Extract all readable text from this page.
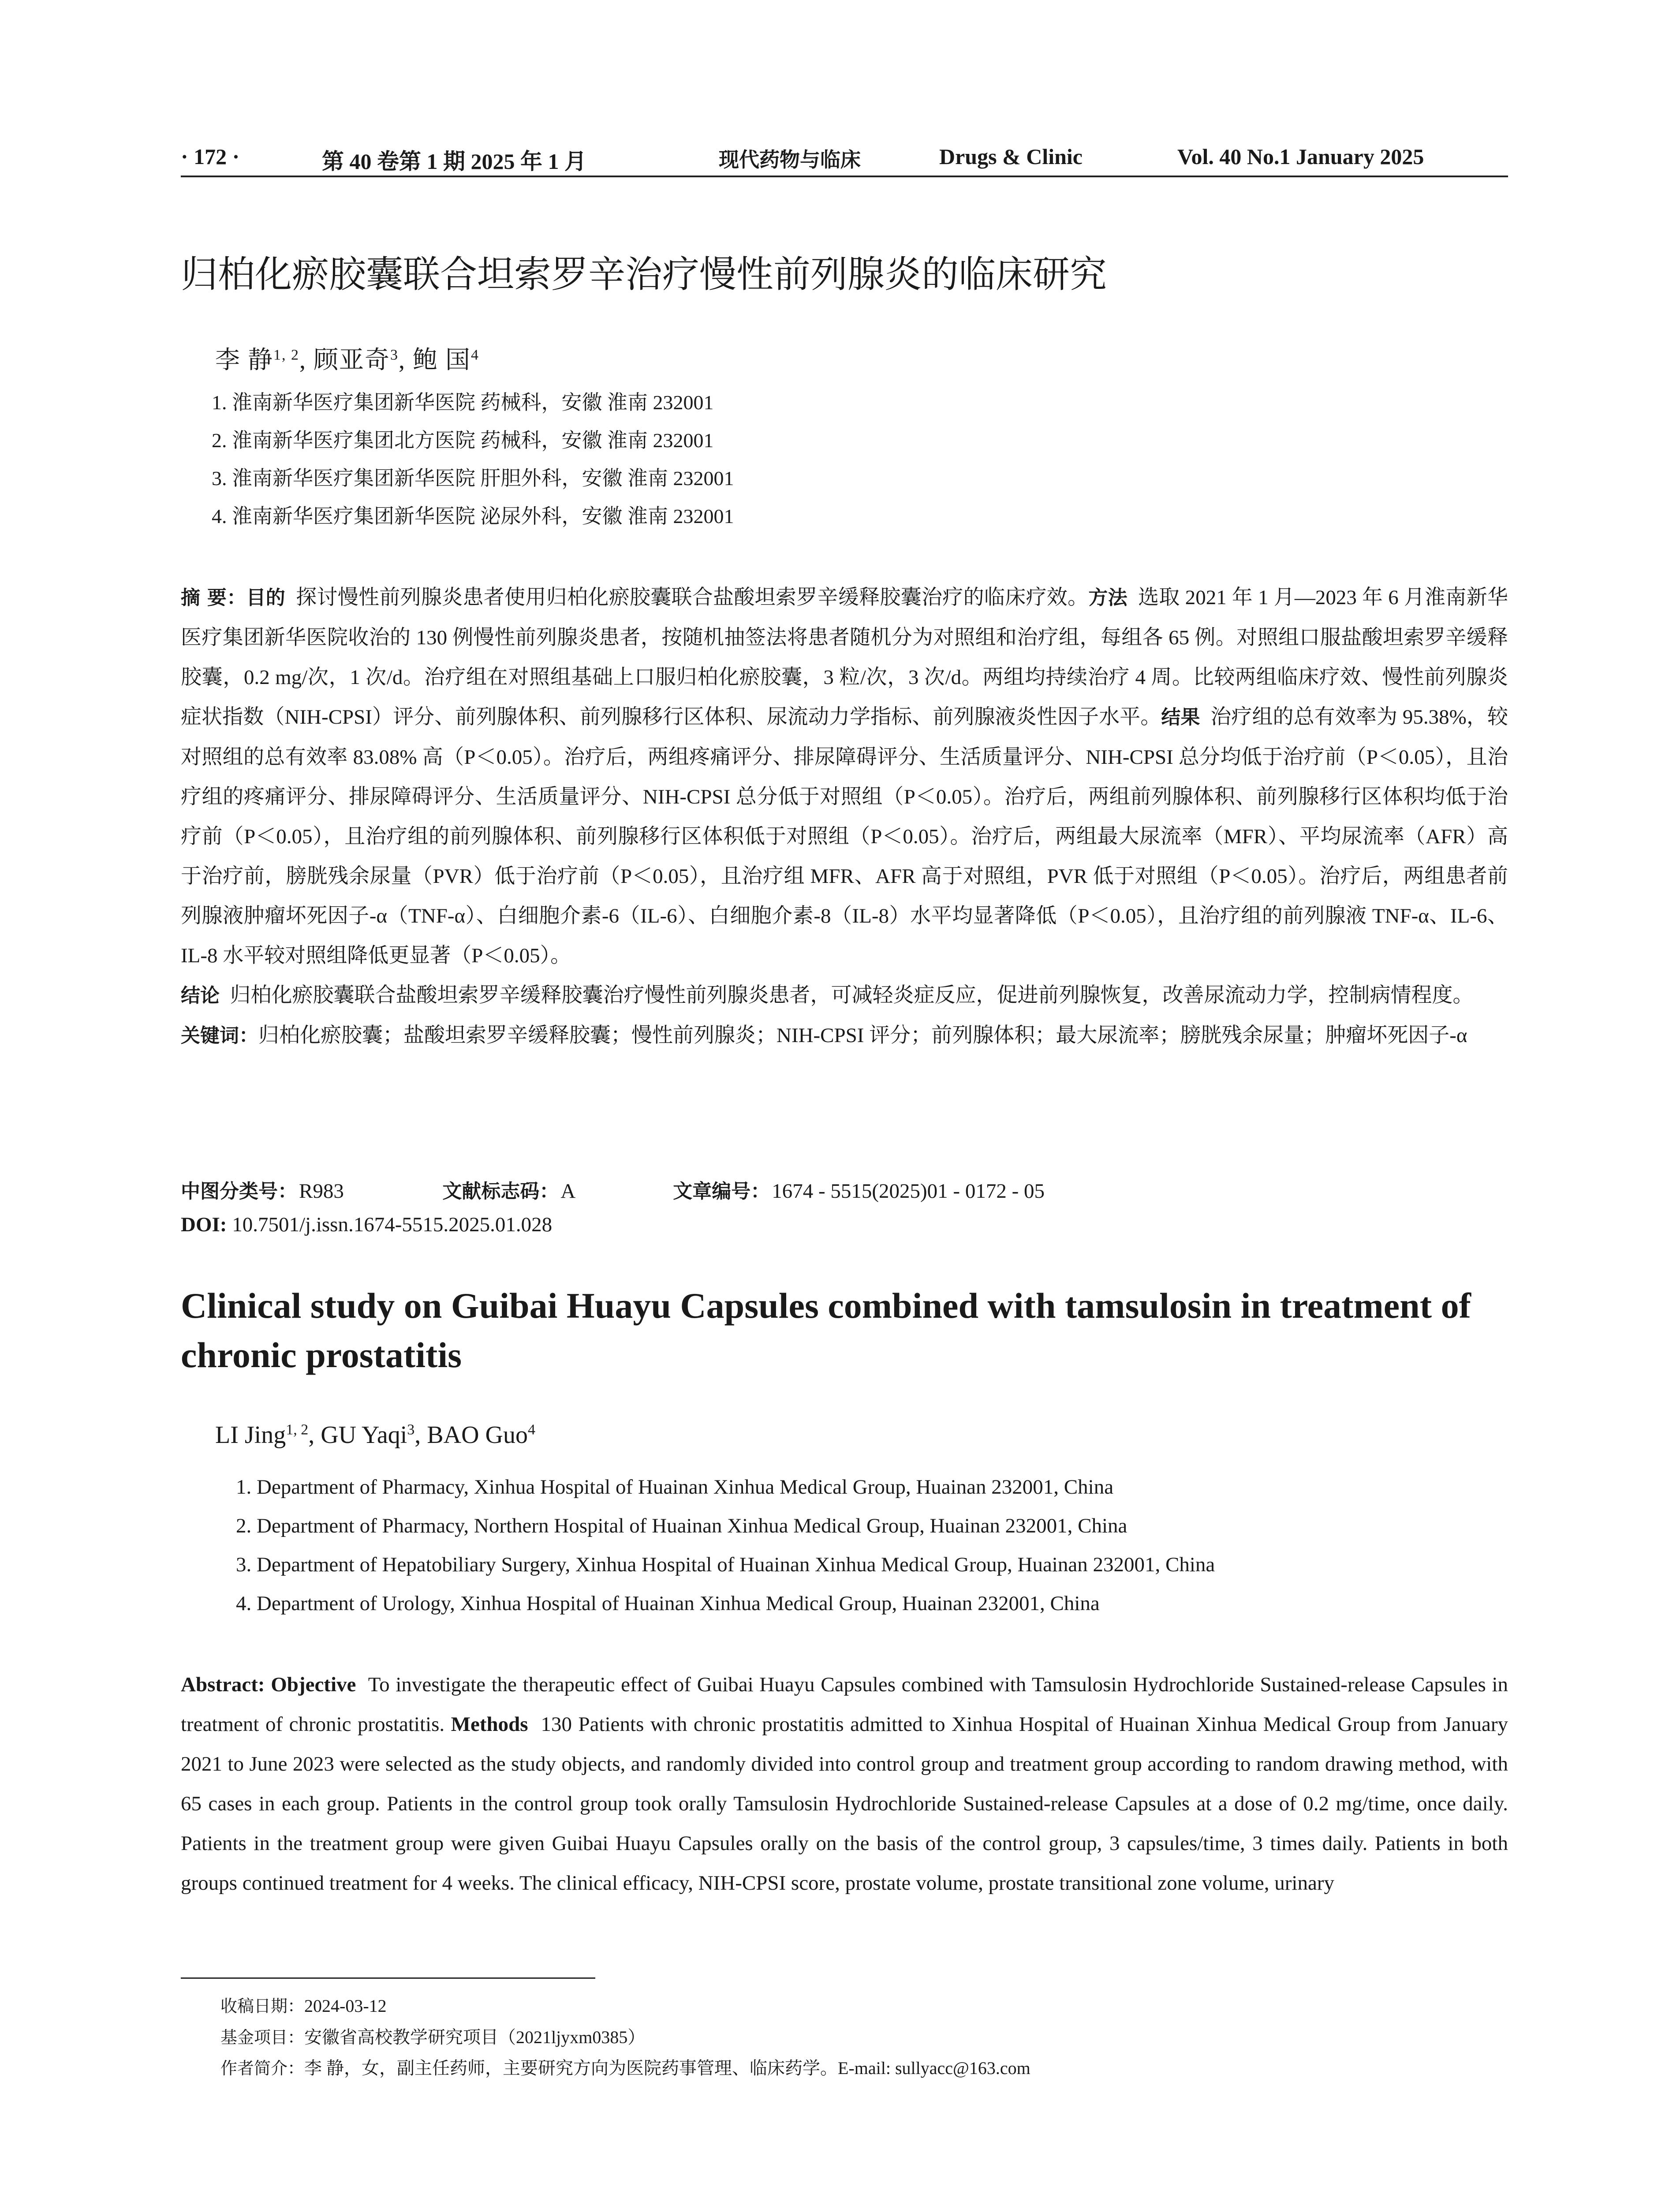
· 172 ·	第 40 卷第 1 期 2025 年 1 月	现代药物与临床	Drugs & Clinic	Vol. 40 No.1 January 2025
归柏化瘀胶囊联合坦索罗辛治疗慢性前列腺炎的临床研究
李 静$^{1, 2}$, 顾亚奇$^3$, 鲍 国$^4$
1. 淮南新华医疗集团新华医院 药械科，安徽 淮南 232001
2. 淮南新华医疗集团北方医院 药械科，安徽 淮南 232001
3. 淮南新华医疗集团新华医院 肝胆外科，安徽 淮南 232001
4. 淮南新华医疗集团新华医院 泌尿外科，安徽 淮南 232001

摘 要：目的 探讨慢性前列腺炎患者使用归柏化瘀胶囊联合盐酸坦索罗辛缓释胶囊治疗的临床疗效。方法 选取 2021 年 1 月—2023 年 6 月淮南新华医疗集团新华医院收治的 130 例慢性前列腺炎患者，按随机抽签法将患者随机分为对照组和治疗组，每组各 65 例。对照组口服盐酸坦索罗辛缓释胶囊，0.2 mg/次，1 次/d。治疗组在对照组基础上口服归柏化瘀胶囊，3 粒/次，3 次/d。两组均持续治疗 4 周。比较两组临床疗效、慢性前列腺炎症状指数（NIH-CPSI）评分、前列腺体积、前列腺移行区体积、尿流动力学指标、前列腺液炎性因子水平。结果 治疗组的总有效率为 95.38%，较对照组的总有效率 83.08% 高（P＜0.05）。治疗后，两组疼痛评分、排尿障碍评分、生活质量评分、NIH-CPSI 总分均低于治疗前（P＜0.05），且治疗组的疼痛评分、排尿障碍评分、生活质量评分、NIH-CPSI 总分低于对照组（P＜0.05）。治疗后，两组前列腺体积、前列腺移行区体积均低于治疗前（P＜0.05），且治疗组的前列腺体积、前列腺移行区体积低于对照组（P＜0.05）。治疗后，两组最大尿流率（MFR）、平均尿流率（AFR）高于治疗前，膀胱残余尿量（PVR）低于治疗前（P＜0.05），且治疗组 MFR、AFR 高于对照组，PVR 低于对照组（P＜0.05）。治疗后，两组患者前列腺液肿瘤坏死因子-α（TNF-α）、白细胞介素-6（IL-6）、白细胞介素-8（IL-8）水平均显著降低（P＜0.05），且治疗组的前列腺液 TNF-α、IL-6、IL-8 水平较对照组降低更显著（P＜0.05）。
结论 归柏化瘀胶囊联合盐酸坦索罗辛缓释胶囊治疗慢性前列腺炎患者，可减轻炎症反应，促进前列腺恢复，改善尿流动力学，控制病情程度。
关键词：归柏化瘀胶囊；盐酸坦索罗辛缓释胶囊；慢性前列腺炎；NIH-CPSI 评分；前列腺体积；最大尿流率；膀胱残余尿量；肿瘤坏死因子-α

中图分类号：R983	文献标志码：A	文章编号：1674 - 5515(2025)01 - 0172 - 05
DOI: 10.7501/j.issn.1674-5515.2025.01.028
Clinical study on Guibai Huayu Capsules combined with tamsulosin in treatment of chronic prostatitis
LI Jing$^{1, 2}$, GU Yaqi$^3$, BAO Guo$^4$
1. Department of Pharmacy, Xinhua Hospital of Huainan Xinhua Medical Group, Huainan 232001, China
2. Department of Pharmacy, Northern Hospital of Huainan Xinhua Medical Group, Huainan 232001, China
3. Department of Hepatobiliary Surgery, Xinhua Hospital of Huainan Xinhua Medical Group, Huainan 232001, China
4. Department of Urology, Xinhua Hospital of Huainan Xinhua Medical Group, Huainan 232001, China

Abstract: Objective To investigate the therapeutic effect of Guibai Huayu Capsules combined with Tamsulosin Hydrochloride Sustained-release Capsules in treatment of chronic prostatitis. Methods 130 Patients with chronic prostatitis admitted to Xinhua Hospital of Huainan Xinhua Medical Group from January 2021 to June 2023 were selected as the study objects, and randomly divided into control group and treatment group according to random drawing method, with 65 cases in each group. Patients in the control group took orally Tamsulosin Hydrochloride Sustained-release Capsules at a dose of 0.2 mg/time, once daily. Patients in the treatment group were given Guibai Huayu Capsules orally on the basis of the control group, 3 capsules/time, 3 times daily. Patients in both groups continued treatment for 4 weeks. The clinical efficacy, NIH-CPSI score, prostate volume, prostate transitional zone volume, urinary

收稿日期：2024-03-12
基金项目：安徽省高校教学研究项目（2021ljyxm0385）
作者简介：李 静，女，副主任药师，主要研究方向为医院药事管理、临床药学。E-mail: sullyacc@163.com
